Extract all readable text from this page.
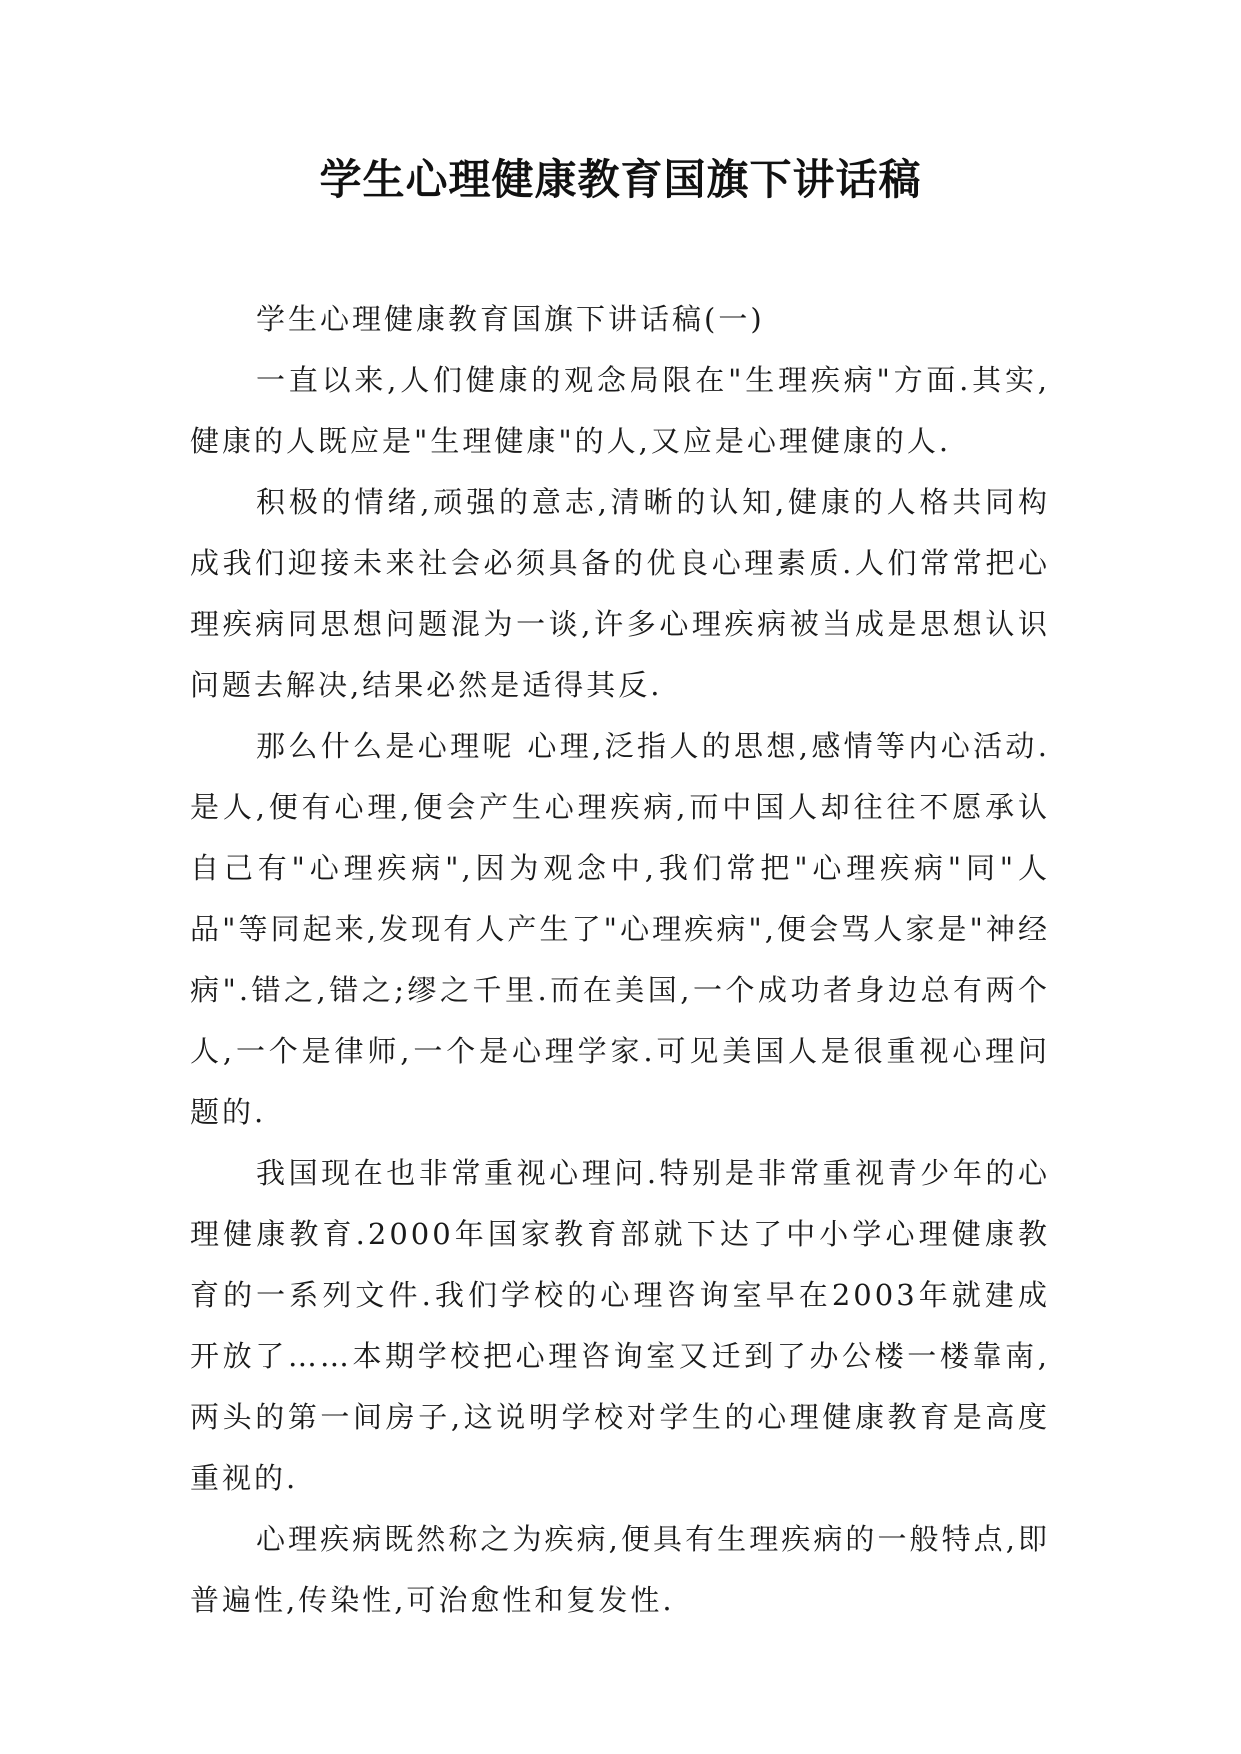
学生心理健康教育国旗下讲话稿

学生心理健康教育国旗下讲话稿(一)

一直以来,人们健康的观念局限在"生理疾病"方面.其实,健康的人既应是"生理健康"的人,又应是心理健康的人.

积极的情绪,顽强的意志,清晰的认知,健康的人格共同构成我们迎接未来社会必须具备的优良心理素质.人们常常把心理疾病同思想问题混为一谈,许多心理疾病被当成是思想认识问题去解决,结果必然是适得其反.

那么什么是心理呢 心理,泛指人的思想,感情等内心活动.是人,便有心理,便会产生心理疾病,而中国人却往往不愿承认自己有"心理疾病",因为观念中,我们常把"心理疾病"同"人品"等同起来,发现有人产生了"心理疾病",便会骂人家是"神经病".错之,错之;缪之千里.而在美国,一个成功者身边总有两个人,一个是律师,一个是心理学家.可见美国人是很重视心理问题的.

我国现在也非常重视心理问.特别是非常重视青少年的心理健康教育.2000年国家教育部就下达了中小学心理健康教育的一系列文件.我们学校的心理咨询室早在2003年就建成开放了……本期学校把心理咨询室又迁到了办公楼一楼靠南,两头的第一间房子,这说明学校对学生的心理健康教育是高度重视的.

心理疾病既然称之为疾病,便具有生理疾病的一般特点,即普遍性,传染性,可治愈性和复发性.
